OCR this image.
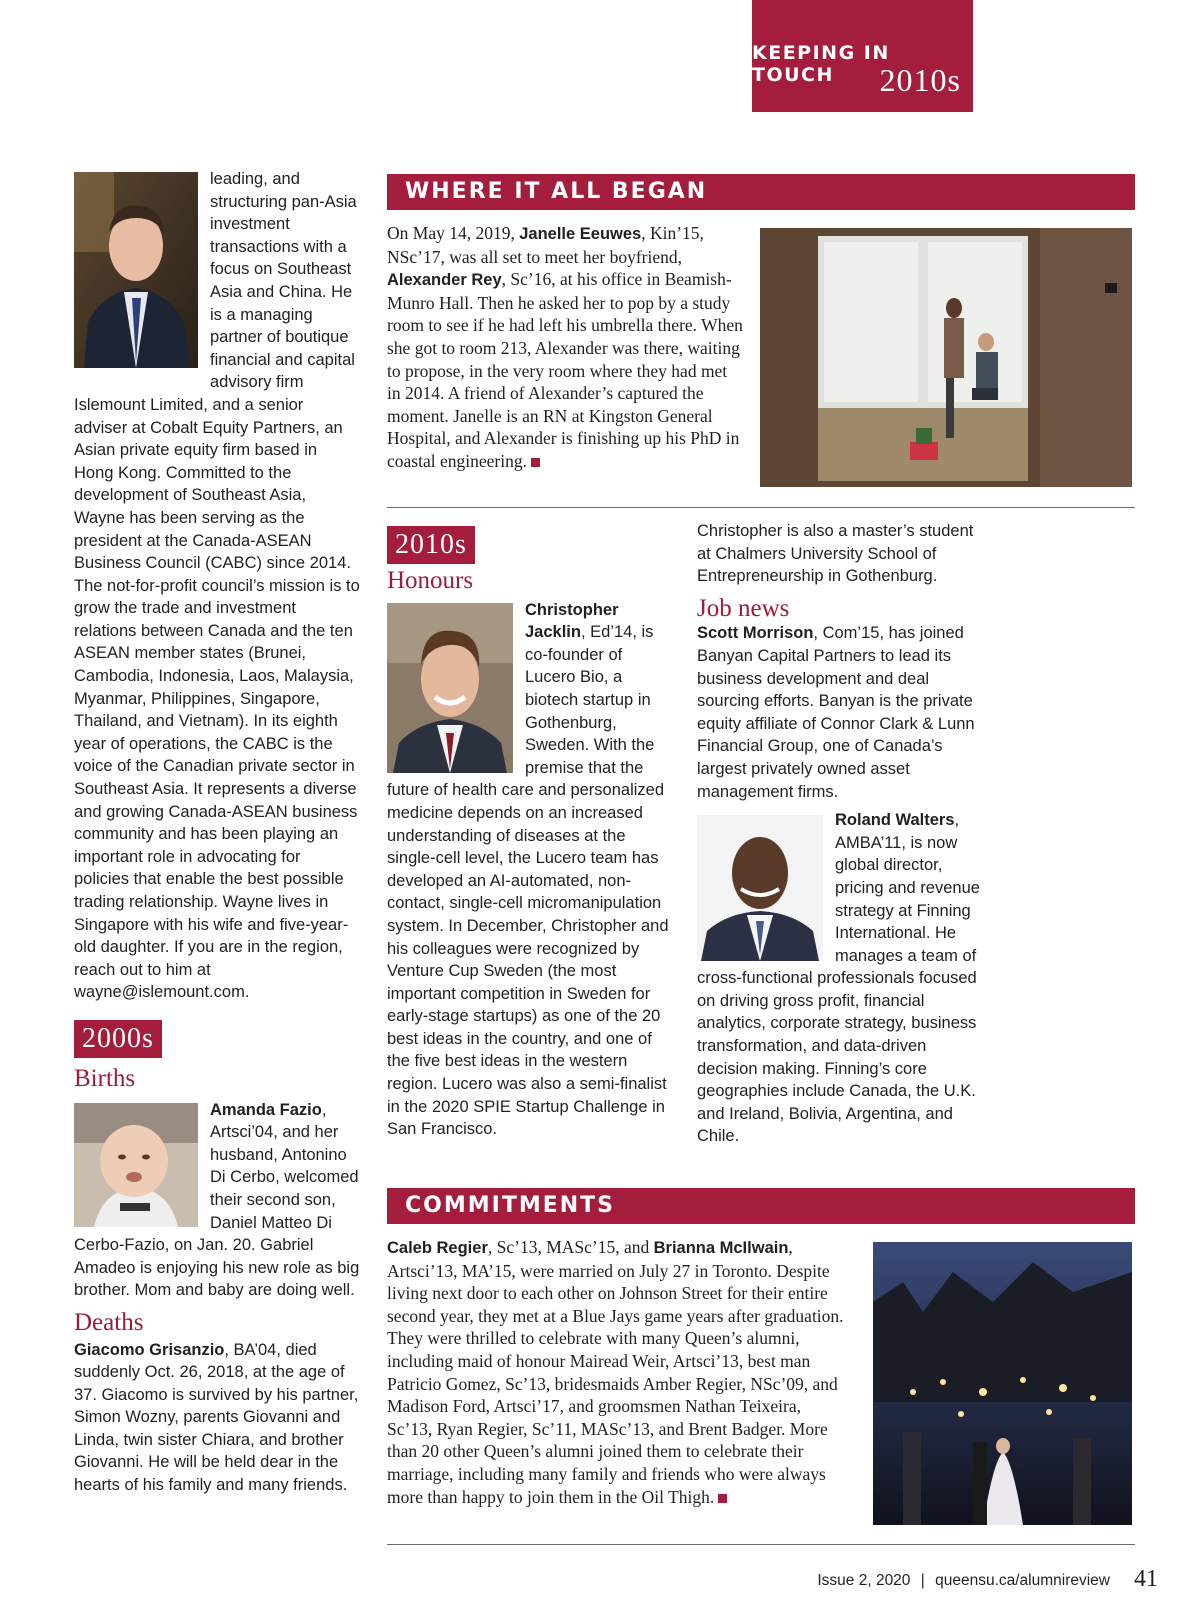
KEEPING IN TOUCH	2010s

leading, and structuring pan-Asia investment transactions with a focus on Southeast Asia and China. He is a managing partner of boutique financial and capital advisory firm Islemount Limited, and a senior adviser at Cobalt Equity Partners, an Asian private equity firm based in Hong Kong. Committed to the development of Southeast Asia, Wayne has been serving as the president at the Canada-ASEAN Business Council (CABC) since 2014. The not-for-profit council’s mission is to grow the trade and investment relations between Canada and the ten ASEAN member states (Brunei, Cambodia, Indonesia, Laos, Malaysia, Myanmar, Philippines, Singapore, Thailand, and Vietnam). In its eighth year of operations, the CABC is the voice of the Canadian private sector in Southeast Asia. It represents a diverse and growing Canada-ASEAN business community and has been playing an important role in advocating for policies that enable the best possible trading relationship. Wayne lives in Singapore with his wife and five-year-old daughter. If you are in the region, reach out to him at wayne@islemount.com.

2000s
Births

Amanda Fazio, Artsci’04, and her husband, Antonino Di Cerbo, welcomed their second son, Daniel Matteo Di Cerbo-Fazio, on Jan. 20. Gabriel Amadeo is enjoying his new role as big brother. Mom and baby are doing well.

Deaths

Giacomo Grisanzio, BA’04, died suddenly Oct. 26, 2018, at the age of 37. Giacomo is survived by his partner, Simon Wozny, parents Giovanni and Linda, twin sister Chiara, and brother Giovanni. He will be held dear in the hearts of his family and many friends.

WHERE IT ALL BEGAN

On May 14, 2019, Janelle Eeuwes, Kin’15, NSc’17, was all set to meet her boyfriend, Alexander Rey, Sc’16, at his office in Beamish-Munro Hall. Then he asked her to pop by a study room to see if he had left his umbrella there. When she got to room 213, Alexander was there, waiting to propose, in the very room where they had met in 2014. A friend of Alexander’s captured the moment. Janelle is an RN at Kingston General Hospital, and Alexander is finishing up his PhD in coastal engineering.

2010s
Honours

Christopher Jacklin, Ed’14, is co-founder of Lucero Bio, a biotech startup in Gothenburg, Sweden. With the premise that the future of health care and personalized medicine depends on an increased understanding of diseases at the single-cell level, the Lucero team has developed an AI-automated, non-contact, single-cell micromanipulation system. In December, Christopher and his colleagues were recognized by Venture Cup Sweden (the most important competition in Sweden for early-stage startups) as one of the 20 best ideas in the country, and one of the five best ideas in the western region. Lucero was also a semi-finalist in the 2020 SPIE Startup Challenge in San Francisco.

Christopher is also a master’s student at Chalmers University School of Entrepreneurship in Gothenburg.

Job news

Scott Morrison, Com’15, has joined Banyan Capital Partners to lead its business development and deal sourcing efforts. Banyan is the private equity affiliate of Connor Clark & Lunn Financial Group, one of Canada’s largest privately owned asset management firms.

Roland Walters, AMBA’11, is now global director, pricing and revenue strategy at Finning International. He manages a team of cross-functional professionals focused on driving gross profit, financial analytics, corporate strategy, business transformation, and data-driven decision making. Finning’s core geographies include Canada, the U.K. and Ireland, Bolivia, Argentina, and Chile.

COMMITMENTS

Caleb Regier, Sc’13, MASc’15, and Brianna McIlwain, Artsci’13, MA’15, were married on July 27 in Toronto. Despite living next door to each other on Johnson Street for their entire second year, they met at a Blue Jays game years after graduation. They were thrilled to celebrate with many Queen’s alumni, including maid of honour Mairead Weir, Artsci’13, best man Patricio Gomez, Sc’13, bridesmaids Amber Regier, NSc’09, and Madison Ford, Artsci’17, and groomsmen Nathan Teixeira, Sc’13, Ryan Regier, Sc’11, MASc’13, and Brent Badger. More than 20 other Queen’s alumni joined them to celebrate their marriage, including many family and friends who were always more than happy to join them in the Oil Thigh.

Issue 2, 2020 | queensu.ca/alumnireview 41
